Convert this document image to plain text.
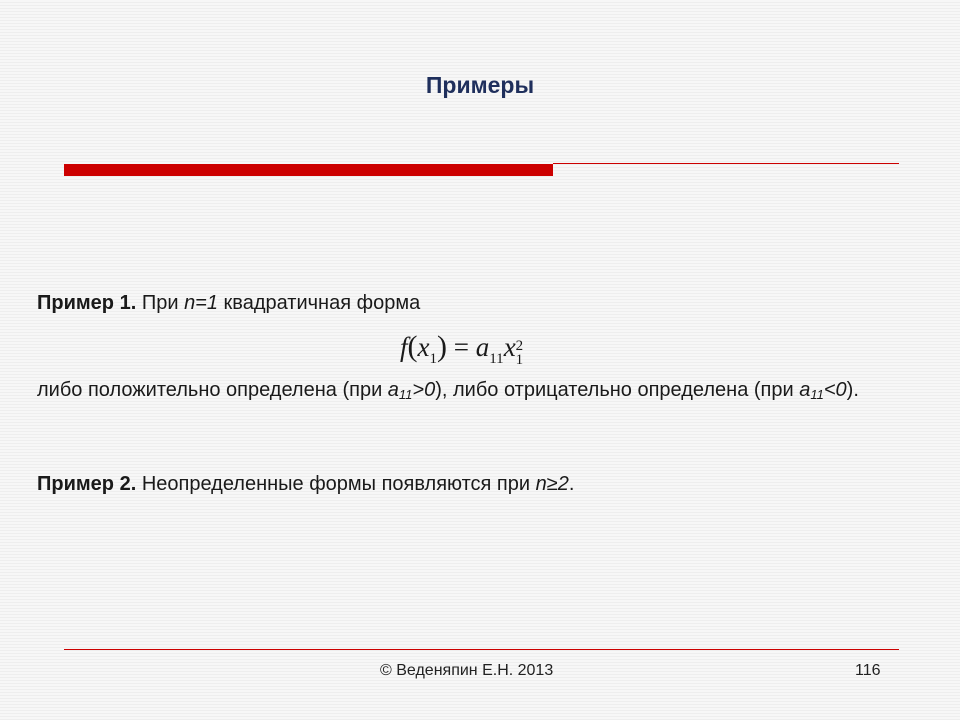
Примеры
Пример 1. При n=1 квадратичная форма
$f(x_1) = a_{11}x2$
1
либо положительно определена (при a11>0), либо отрицательно определена (при a11<0).
Пример 2. Неопределенные формы появляются при n≥2.
© Веденяпин Е.Н. 2013	116
